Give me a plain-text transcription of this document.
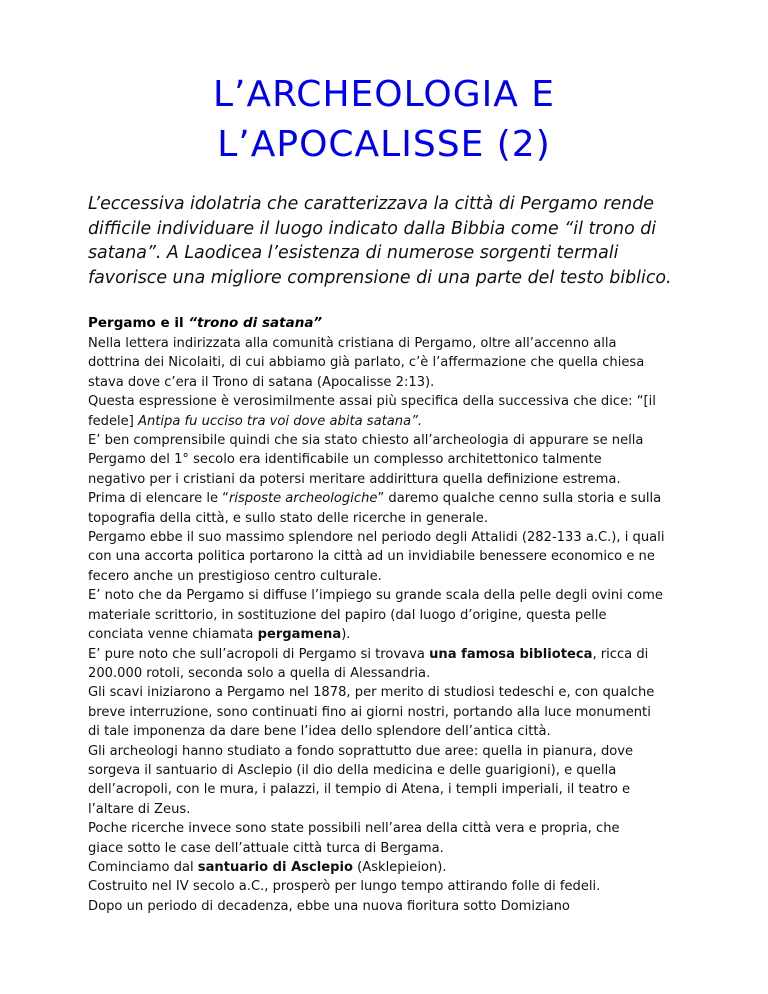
L’ARCHEOLOGIA E
L’APOCALISSE (2)
L’eccessiva idolatria che caratterizzava la città di Pergamo rende
difficile individuare il luogo indicato dalla Bibbia come “il trono di
satana”. A Laodicea l’esistenza di numerose sorgenti termali
favorisce una migliore comprensione di una parte del testo biblico.
Pergamo e il “trono di satana”
Nella lettera indirizzata alla comunità cristiana di Pergamo, oltre all’accenno alla
dottrina dei Nicolaiti, di cui abbiamo già parlato, c’è l’affermazione che quella chiesa
stava dove c’era il Trono di satana (Apocalisse 2:13).
Questa espressione è verosimilmente assai più specifica della successiva che dice: “[il
fedele] Antipa fu ucciso tra voi dove abita satana”.
E’ ben comprensibile quindi che sia stato chiesto all’archeologia di appurare se nella
Pergamo del 1° secolo era identificabile un complesso architettonico talmente
negativo per i cristiani da potersi meritare addirittura quella definizione estrema.
Prima di elencare le “risposte archeologiche” daremo qualche cenno sulla storia e sulla
topografia della città, e sullo stato delle ricerche in generale.
Pergamo ebbe il suo massimo splendore nel periodo degli Attalidi (282-133 a.C.), i quali
con una accorta politica portarono la città ad un invidiabile benessere economico e ne
fecero anche un prestigioso centro culturale.
E’ noto che da Pergamo si diffuse l’impiego su grande scala della pelle degli ovini come
materiale scrittorio, in sostituzione del papiro (dal luogo d’origine, questa pelle
conciata venne chiamata pergamena).
E’ pure noto che sull’acropoli di Pergamo si trovava una famosa biblioteca, ricca di
200.000 rotoli, seconda solo a quella di Alessandria.
Gli scavi iniziarono a Pergamo nel 1878, per merito di studiosi tedeschi e, con qualche
breve interruzione, sono continuati fino ai giorni nostri, portando alla luce monumenti
di tale imponenza da dare bene l’idea dello splendore dell’antica città.
Gli archeologi hanno studiato a fondo soprattutto due aree: quella in pianura, dove
sorgeva il santuario di Asclepio (il dio della medicina e delle guarigioni), e quella
dell’acropoli, con le mura, i palazzi, il tempio di Atena, i templi imperiali, il teatro e
l’altare di Zeus.
Poche ricerche invece sono state possibili nell’area della città vera e propria, che
giace sotto le case dell’attuale città turca di Bergama.
Cominciamo dal santuario di Asclepio (Asklepieion).
Costruito nel IV secolo a.C., prosperò per lungo tempo attirando folle di fedeli.
Dopo un periodo di decadenza, ebbe una nuova fioritura sotto Domiziano
